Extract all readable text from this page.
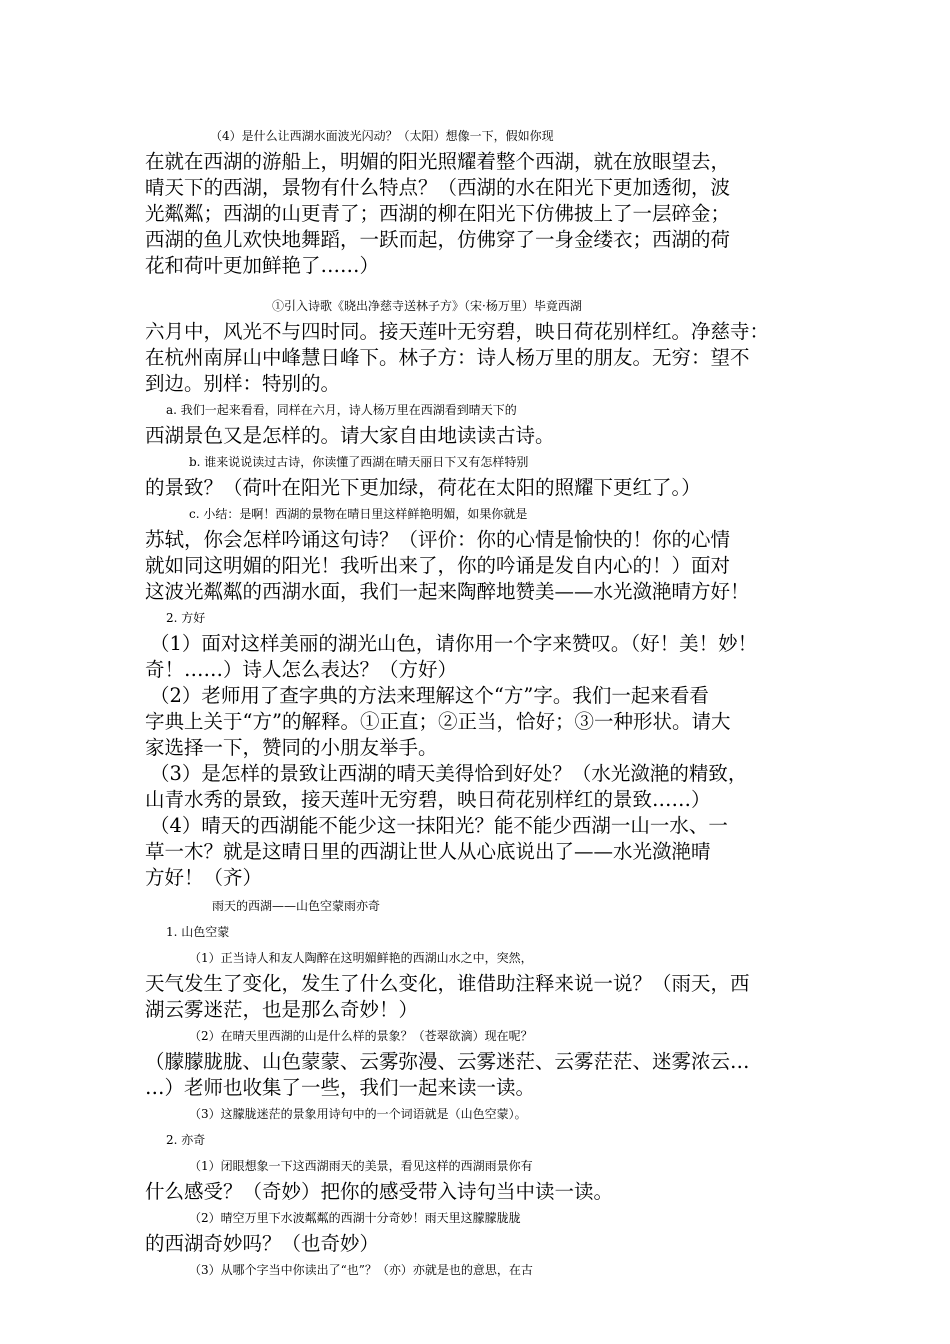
（4）是什么让西湖水面波光闪动？（太阳）想像一下，假如你现
在就在西湖的游船上，明媚的阳光照耀着整个西湖，就在放眼望去，
晴天下的西湖，景物有什么特点？（西湖的水在阳光下更加透彻，波
光粼粼；西湖的山更青了；西湖的柳在阳光下仿佛披上了一层碎金；
西湖的鱼儿欢快地舞蹈，一跃而起，仿佛穿了一身金缕衣；西湖的荷
花和荷叶更加鲜艳了……）
①引入诗歌《晓出净慈寺送林子方》（宋·杨万里）毕竟西湖
六月中，风光不与四时同。接天莲叶无穷碧，映日荷花别样红。净慈寺：
在杭州南屏山中峰慧日峰下。林子方：诗人杨万里的朋友。无穷：望不
到边。别样：特别的。
a. 我们一起来看看，同样在六月，诗人杨万里在西湖看到晴天下的
西湖景色又是怎样的。请大家自由地读读古诗。
b. 谁来说说读过古诗，你读懂了西湖在晴天丽日下又有怎样特别
的景致？（荷叶在阳光下更加绿，荷花在太阳的照耀下更红了。）
c. 小结：是啊！西湖的景物在晴日里这样鲜艳明媚，如果你就是
苏轼，你会怎样吟诵这句诗？（评价：你的心情是愉快的！你的心情
就如同这明媚的阳光！我听出来了，你的吟诵是发自内心的！）面对
这波光粼粼的西湖水面，我们一起来陶醉地赞美——水光潋滟晴方好！
2. 方好
（1）面对这样美丽的湖光山色，请你用一个字来赞叹。（好！美！妙！
奇！……）诗人怎么表达？（方好）
（2）老师用了查字典的方法来理解这个“方”字。我们一起来看看
字典上关于“方”的解释。①正直；②正当，恰好；③一种形状。请大
家选择一下，赞同的小朋友举手。
（3）是怎样的景致让西湖的晴天美得恰到好处？（水光潋滟的精致，
山青水秀的景致，接天莲叶无穷碧，映日荷花别样红的景致……）
（4）晴天的西湖能不能少这一抹阳光？能不能少西湖一山一水、一
草一木？就是这晴日里的西湖让世人从心底说出了——水光潋滟晴
方好！（齐）
雨天的西湖——山色空蒙雨亦奇
1. 山色空蒙
（1）正当诗人和友人陶醉在这明媚鲜艳的西湖山水之中，突然，
天气发生了变化，发生了什么变化，谁借助注释来说一说？（雨天，西
湖云雾迷茫，也是那么奇妙！）
（2）在晴天里西湖的山是什么样的景象？（苍翠欲滴）现在呢？
（朦朦胧胧、山色蒙蒙、云雾弥漫、云雾迷茫、云雾茫茫、迷雾浓云…
…）老师也收集了一些，我们一起来读一读。
（3）这朦胧迷茫的景象用诗句中的一个词语就是（山色空蒙）。
2. 亦奇
（1）闭眼想象一下这西湖雨天的美景，看见这样的西湖雨景你有
什么感受？（奇妙）把你的感受带入诗句当中读一读。
（2）晴空万里下水波粼粼的西湖十分奇妙！雨天里这朦朦胧胧
的西湖奇妙吗？（也奇妙）
（3）从哪个字当中你读出了“也”？（亦）亦就是也的意思，在古
